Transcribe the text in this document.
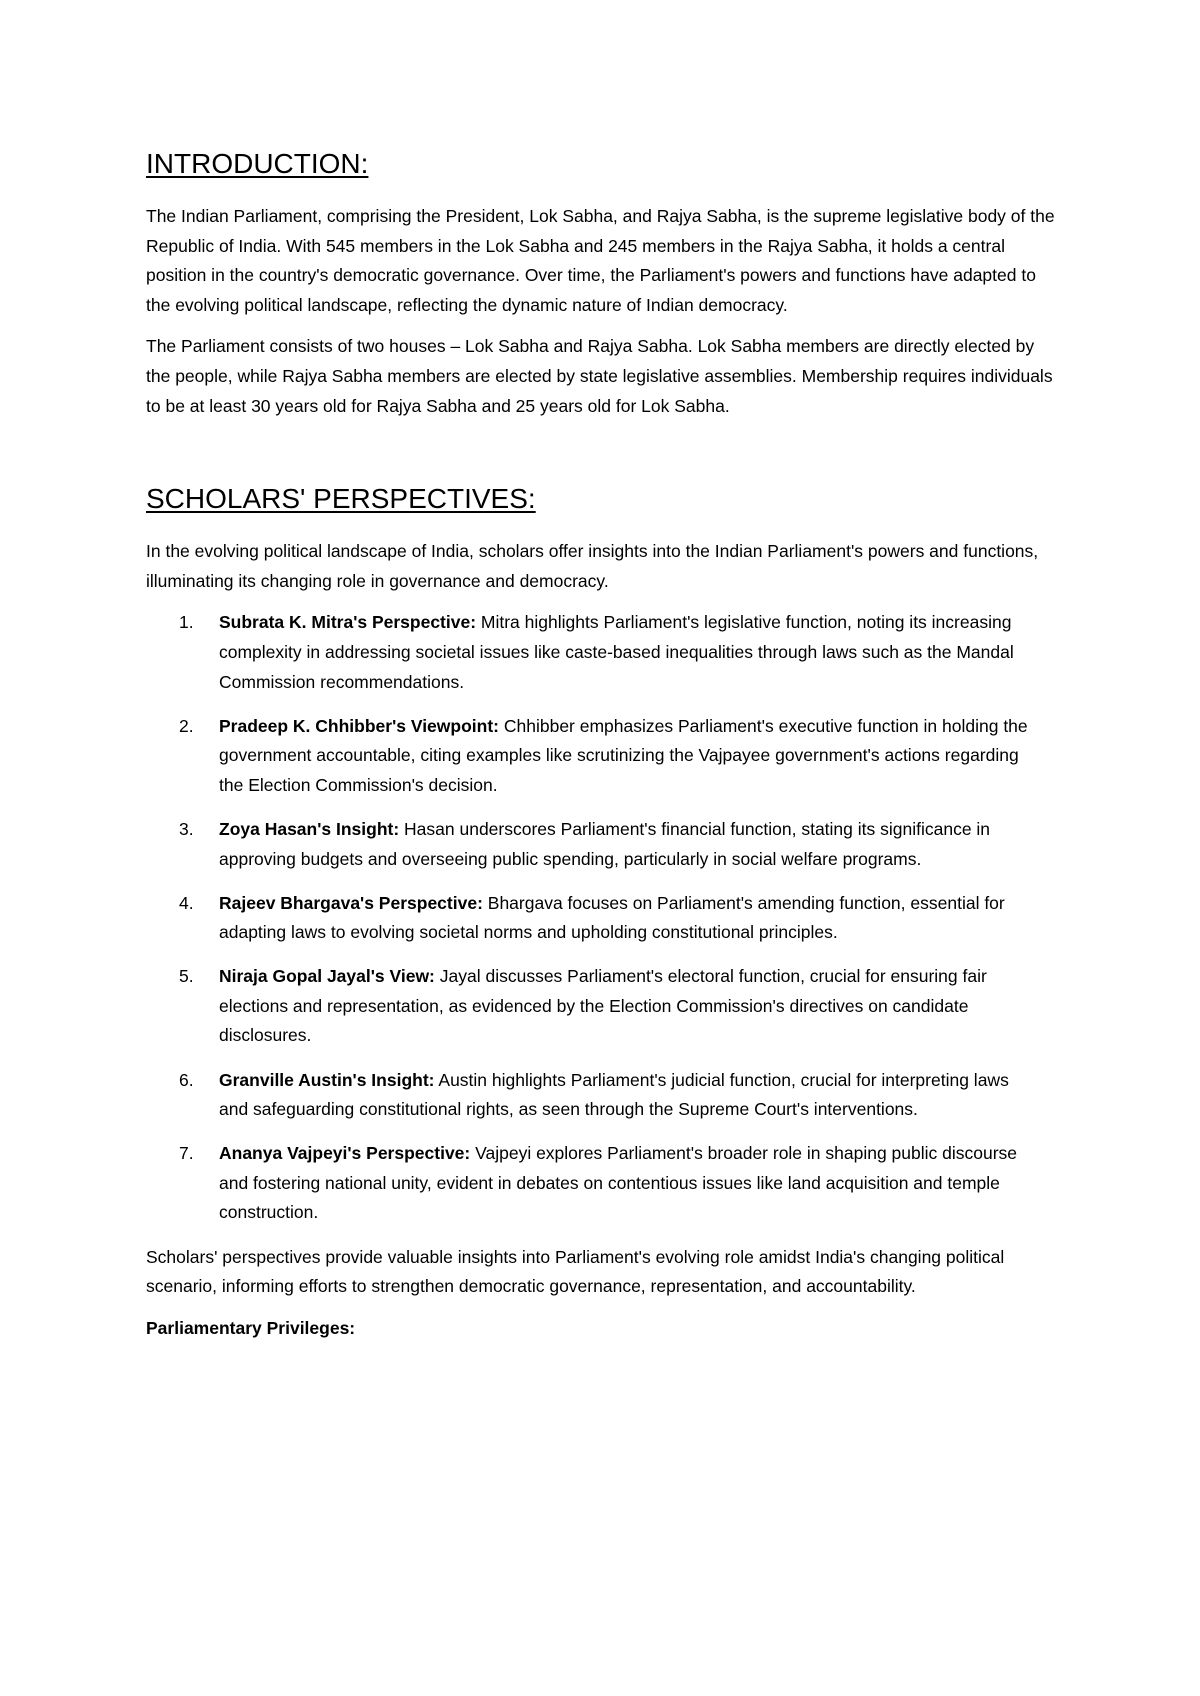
INTRODUCTION:

The Indian Parliament, comprising the President, Lok Sabha, and Rajya Sabha, is the supreme legislative body of the Republic of India. With 545 members in the Lok Sabha and 245 members in the Rajya Sabha, it holds a central position in the country's democratic governance. Over time, the Parliament's powers and functions have adapted to the evolving political landscape, reflecting the dynamic nature of Indian democracy.

The Parliament consists of two houses – Lok Sabha and Rajya Sabha. Lok Sabha members are directly elected by the people, while Rajya Sabha members are elected by state legislative assemblies. Membership requires individuals to be at least 30 years old for Rajya Sabha and 25 years old for Lok Sabha.

SCHOLARS' PERSPECTIVES:

In the evolving political landscape of India, scholars offer insights into the Indian Parliament's powers and functions, illuminating its changing role in governance and democracy.

1. Subrata K. Mitra's Perspective: Mitra highlights Parliament's legislative function, noting its increasing complexity in addressing societal issues like caste-based inequalities through laws such as the Mandal Commission recommendations.
2. Pradeep K. Chhibber's Viewpoint: Chhibber emphasizes Parliament's executive function in holding the government accountable, citing examples like scrutinizing the Vajpayee government's actions regarding the Election Commission's decision.
3. Zoya Hasan's Insight: Hasan underscores Parliament's financial function, stating its significance in approving budgets and overseeing public spending, particularly in social welfare programs.
4. Rajeev Bhargava's Perspective: Bhargava focuses on Parliament's amending function, essential for adapting laws to evolving societal norms and upholding constitutional principles.
5. Niraja Gopal Jayal's View: Jayal discusses Parliament's electoral function, crucial for ensuring fair elections and representation, as evidenced by the Election Commission's directives on candidate disclosures.
6. Granville Austin's Insight: Austin highlights Parliament's judicial function, crucial for interpreting laws and safeguarding constitutional rights, as seen through the Supreme Court's interventions.
7. Ananya Vajpeyi's Perspective: Vajpeyi explores Parliament's broader role in shaping public discourse and fostering national unity, evident in debates on contentious issues like land acquisition and temple construction.

Scholars' perspectives provide valuable insights into Parliament's evolving role amidst India's changing political scenario, informing efforts to strengthen democratic governance, representation, and accountability.

Parliamentary Privileges:
